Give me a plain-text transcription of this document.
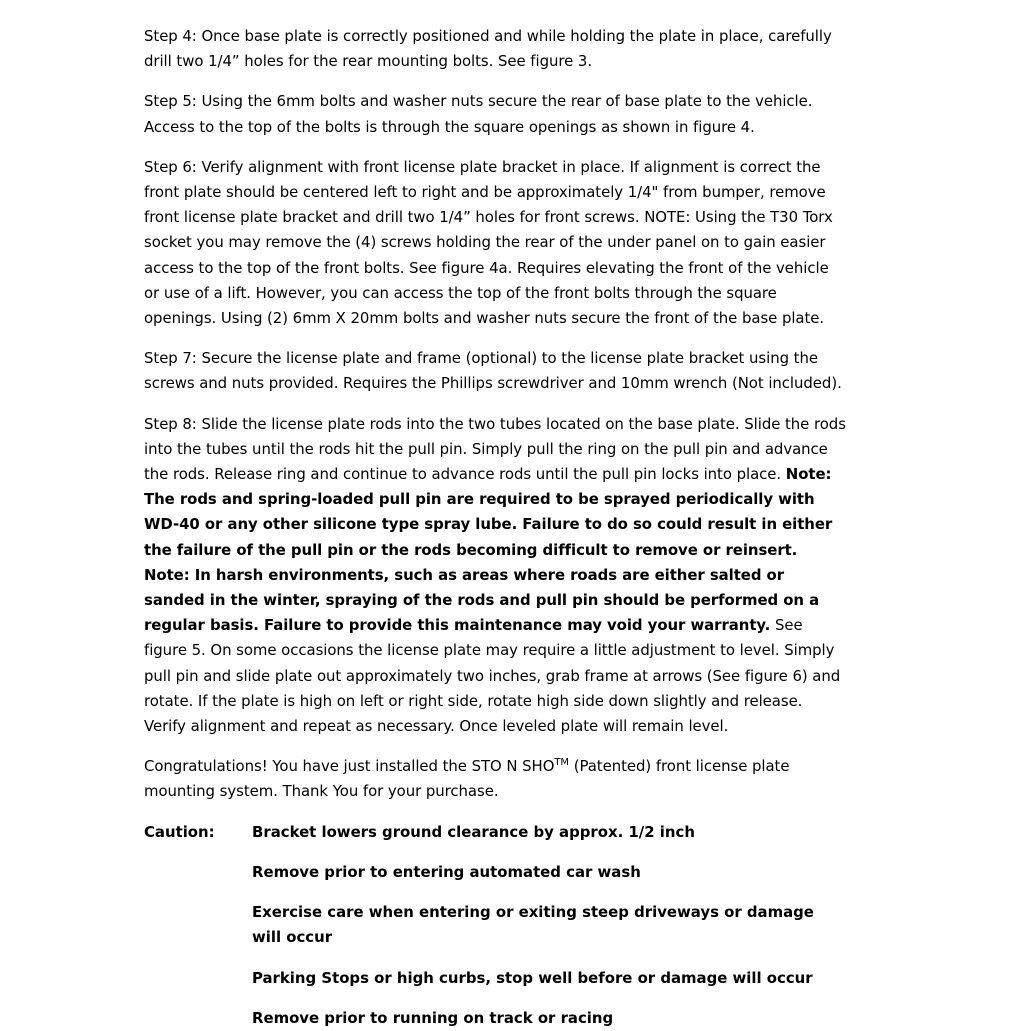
Step 4: Once base plate is correctly positioned and while holding the plate in place, carefully drill two 1/4” holes for the rear mounting bolts. See figure 3.

Step 5: Using the 6mm bolts and washer nuts secure the rear of base plate to the vehicle. Access to the top of the bolts is through the square openings as shown in figure 4.

Step 6: Verify alignment with front license plate bracket in place. If alignment is correct the front plate should be centered left to right and be approximately 1/4" from bumper, remove front license plate bracket and drill two 1/4” holes for front screws. NOTE: Using the T30 Torx socket you may remove the (4) screws holding the rear of the under panel on to gain easier access to the top of the front bolts. See figure 4a. Requires elevating the front of the vehicle or use of a lift. However, you can access the top of the front bolts through the square openings. Using (2) 6mm X 20mm bolts and washer nuts secure the front of the base plate.

Step 7: Secure the license plate and frame (optional) to the license plate bracket using the screws and nuts provided. Requires the Phillips screwdriver and 10mm wrench (Not included).

Step 8: Slide the license plate rods into the two tubes located on the base plate. Slide the rods into the tubes until the rods hit the pull pin. Simply pull the ring on the pull pin and advance the rods. Release ring and continue to advance rods until the pull pin locks into place. Note: The rods and spring-loaded pull pin are required to be sprayed periodically with WD-40 or any other silicone type spray lube. Failure to do so could result in either the failure of the pull pin or the rods becoming difficult to remove or reinsert. Note: In harsh environments, such as areas where roads are either salted or sanded in the winter, spraying of the rods and pull pin should be performed on a regular basis. Failure to provide this maintenance may void your warranty. See figure 5. On some occasions the license plate may require a little adjustment to level. Simply pull pin and slide plate out approximately two inches, grab frame at arrows (See figure 6) and rotate. If the plate is high on left or right side, rotate high side down slightly and release. Verify alignment and repeat as necessary. Once leveled plate will remain level.

Congratulations! You have just installed the STO N SHO™ (Patented) front license plate mounting system. Thank You for your purchase.

Caution:	Bracket lowers ground clearance by approx. 1/2 inch
Remove prior to entering automated car wash
Exercise care when entering or exiting steep driveways or damage will occur
Parking Stops or high curbs, stop well before or damage will occur
Remove prior to running on track or racing
